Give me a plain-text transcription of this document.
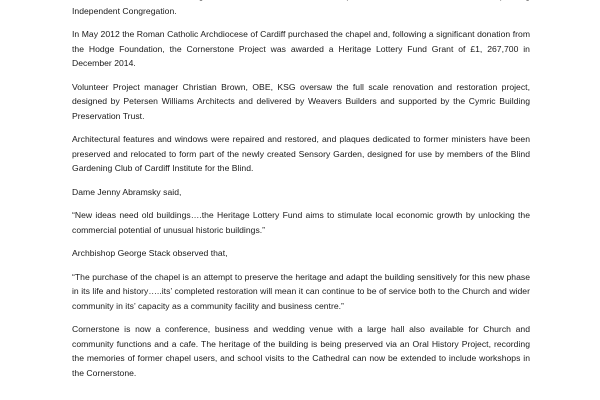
Independent Congregation.

In May 2012 the Roman Catholic Archdiocese of Cardiff purchased the chapel and, following a significant donation from the Hodge Foundation, the Cornerstone Project was awarded a Heritage Lottery Fund Grant of £1, 267,700 in December 2014.

Volunteer Project manager Christian Brown, OBE, KSG oversaw the full scale renovation and restoration project, designed by Petersen Williams Architects and delivered by Weavers Builders and supported by the Cymric Building Preservation Trust.

Architectural features and windows were repaired and restored, and plaques dedicated to former ministers have been preserved and relocated to form part of the newly created Sensory Garden, designed for use by members of the Blind Gardening Club of Cardiff Institute for the Blind.

Dame Jenny Abramsky said,

“New ideas need old buildings….the Heritage Lottery Fund aims to stimulate local economic growth by unlocking the commercial potential of unusual historic buildings.”

Archbishop George Stack observed that,

“The purchase of the chapel is an attempt to preserve the heritage and adapt the building sensitively for this new phase in its life and history…..its’ completed restoration will mean it can continue to be of service both to the Church and wider community in its’ capacity as a community facility and business centre.”

Cornerstone is now a conference, business and wedding venue with a large hall also available for Church and community functions and a cafe. The heritage of the building is being preserved via an Oral History Project, recording the memories of former chapel users, and school visits to the Cathedral can now be extended to include workshops in the Cornerstone.
